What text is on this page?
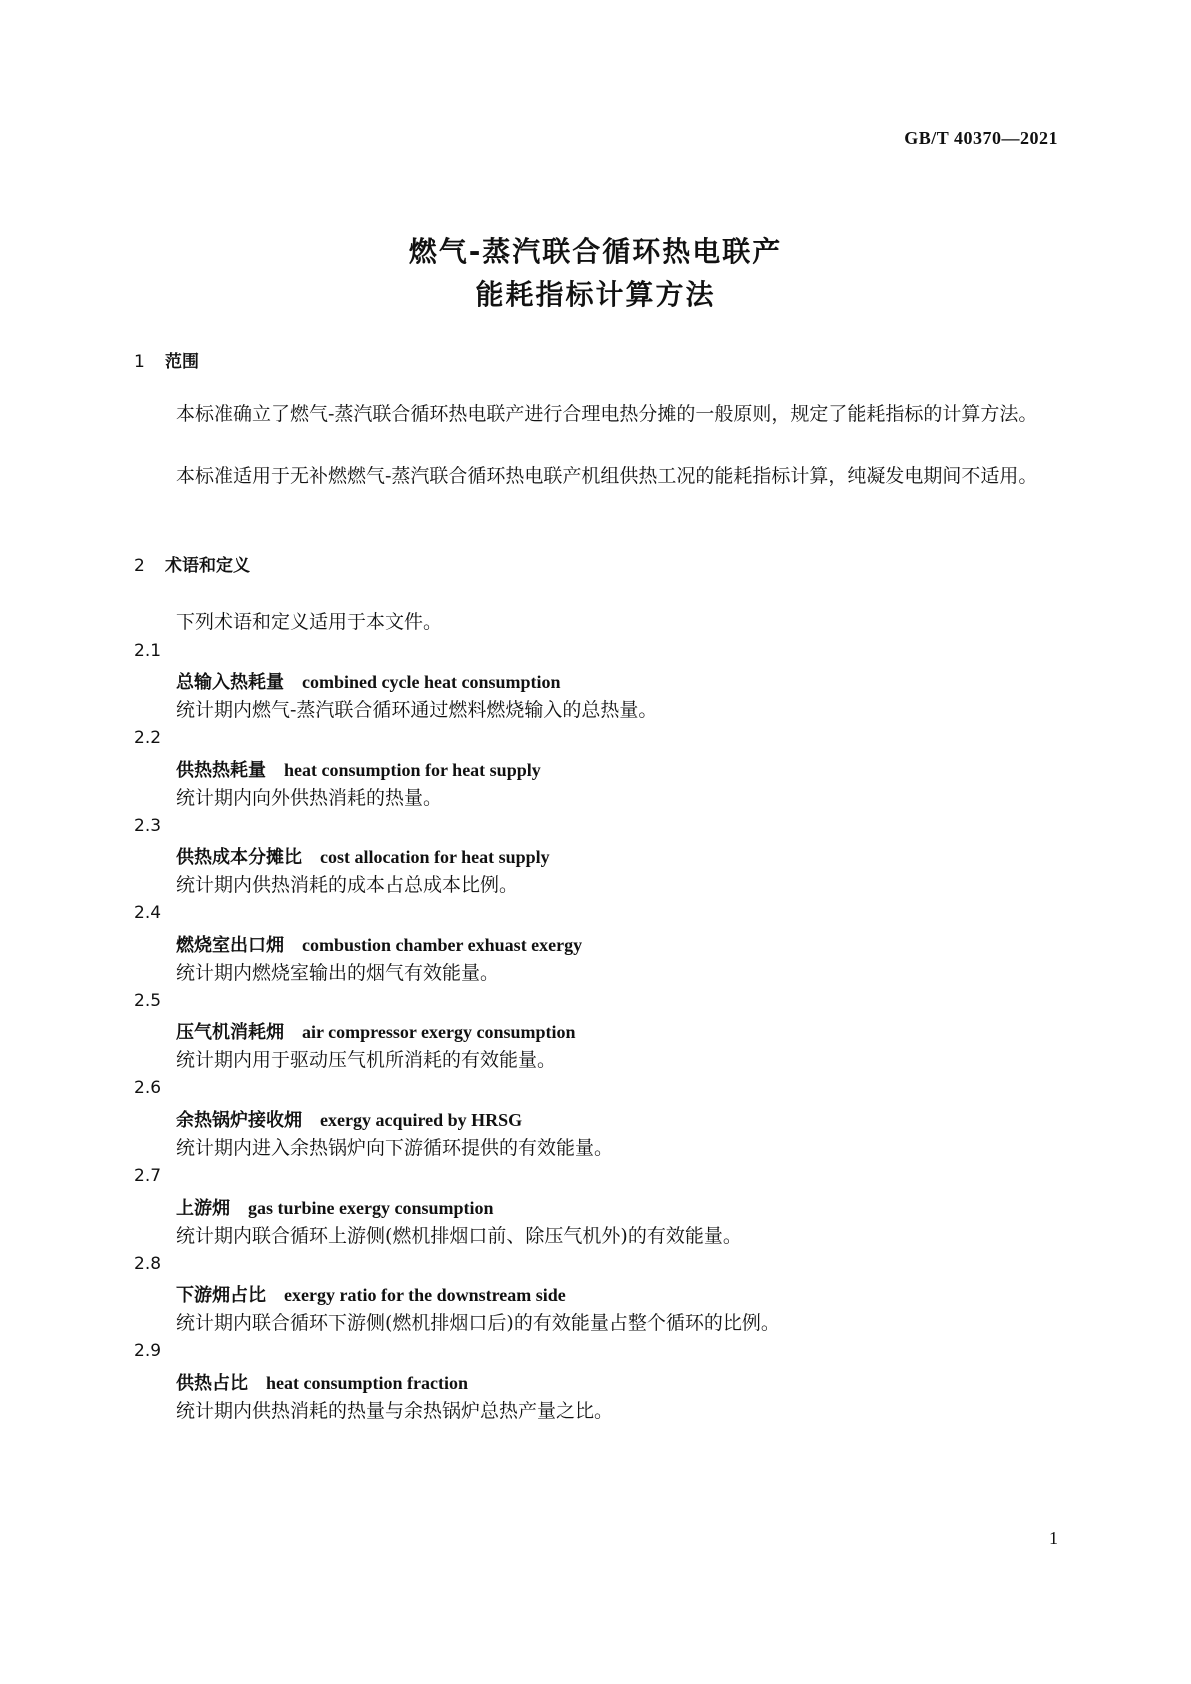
GB/T 40370—2021
燃气-蒸汽联合循环热电联产
能耗指标计算方法
1 范围
本标准确立了燃气-蒸汽联合循环热电联产进行合理电热分摊的一般原则，规定了能耗指标的计算方法。
本标准适用于无补燃燃气-蒸汽联合循环热电联产机组供热工况的能耗指标计算，纯凝发电期间不适用。
2 术语和定义
下列术语和定义适用于本文件。
2.1
总输入热耗量 combined cycle heat consumption
统计期内燃气-蒸汽联合循环通过燃料燃烧输入的总热量。
2.2
供热热耗量 heat consumption for heat supply
统计期内向外供热消耗的热量。
2.3
供热成本分摊比 cost allocation for heat supply
统计期内供热消耗的成本占总成本比例。
2.4
燃烧室出口㶲 combustion chamber exhuast exergy
统计期内燃烧室输出的烟气有效能量。
2.5
压气机消耗㶲 air compressor exergy consumption
统计期内用于驱动压气机所消耗的有效能量。
2.6
余热锅炉接收㶲 exergy acquired by HRSG
统计期内进入余热锅炉向下游循环提供的有效能量。
2.7
上游㶲 gas turbine exergy consumption
统计期内联合循环上游侧(燃机排烟口前、除压气机外)的有效能量。
2.8
下游㶲占比 exergy ratio for the downstream side
统计期内联合循环下游侧(燃机排烟口后)的有效能量占整个循环的比例。
2.9
供热占比 heat consumption fraction
统计期内供热消耗的热量与余热锅炉总热产量之比。
1
